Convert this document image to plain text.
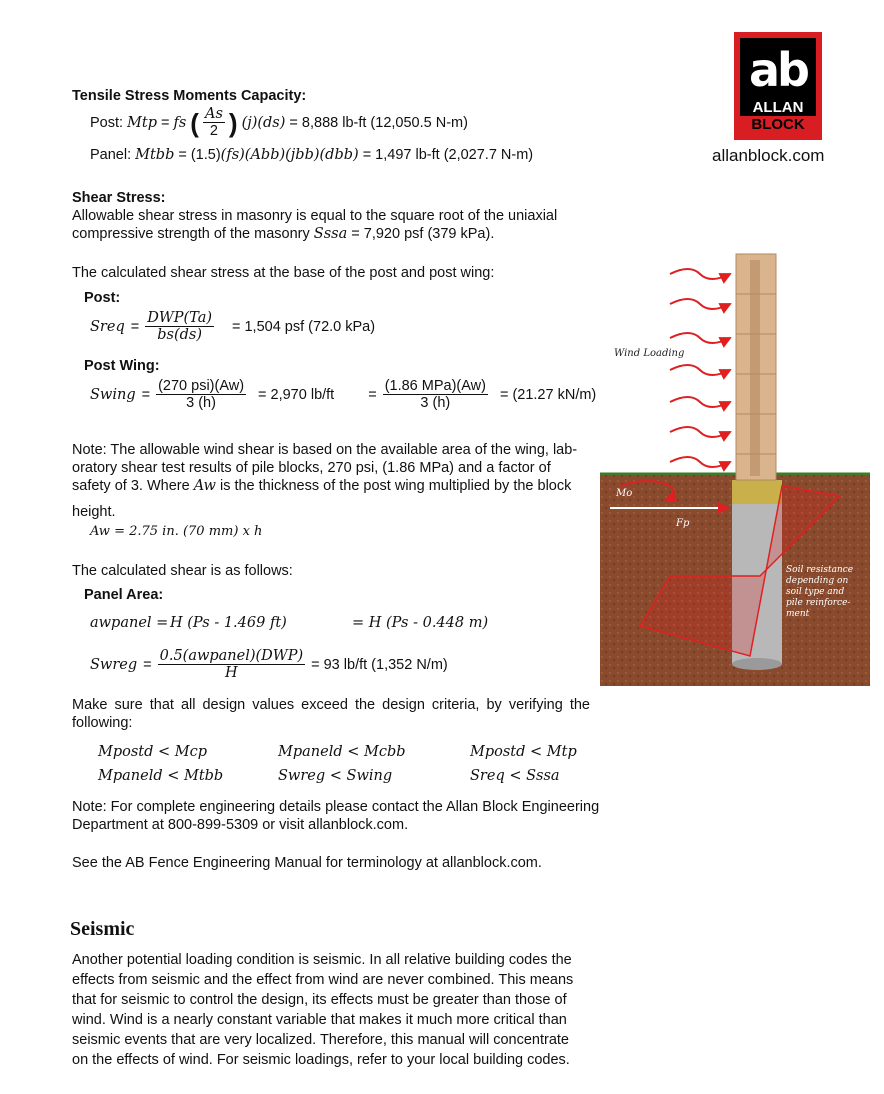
ab
ALLAN
BLOCK
allanblock.com
Tensile Stress Moments Capacity:
Post: Mtp = fs ( $\frac{As}{2}$ ) (j)(ds) = 8,888 lb-ft (12,050.5 N-m)
Panel: Mtbb = (1.5) (fs)(Abb)(jbb)(dbb) = 1,497 lb-ft (2,027.7 N-m)
Shear Stress:
Allowable shear stress in masonry is equal to the square root of the uniaxial
compressive strength of the masonry Sssa = 7,920 psf (379 kPa).
The calculated shear stress at the base of the post and post wing:
Post:
Sreq = $\frac{\text{DWP(Ta)}}{bs(ds)} = 1,504$ psf (72.0 kPa)
Post Wing:
Swing = $\frac{\text{(270 psi)(Aw)}}{3 (h)} = 2,970$ $lb/ft = \frac{\text{(1.86 MPa)(Aw)}}{3 (h)} = (21.27$ kN/m)
Note: The allowable wind shear is based on the available area of the wing, lab-
oratory shear test results of pile blocks, 270 psi, (1.86 MPa) and a factor of
safety of 3. Where Aw is the thickness of the post wing multiplied by the block
height.
Aw = 2.75 in. (70 mm) x h
The calculated shear is as follows:
Panel Area:
awpanel = H (Ps - 1.469 ft)	= H (Ps - 0.448 m)
Swreg = $\frac{\text{0.5(awpanel)(DWP)}}{H} = 93$ lb/ft (1,352 N/m)
Make sure that all design values exceed the design criteria, by verifying the
following:
Mpostd < Mcp	Mpaneld < Mcbb	Mpostd < Mtp
Mpaneld < Mtbb	Swreg < Swing	Sreq < Sssa
Note: For complete engineering details please contact the Allan Block Engineering
Department at 800-899-5309 or visit allanblock.com.
See the AB Fence Engineering Manual for terminology at allanblock.com.
Seismic
Another potential loading condition is seismic. In all relative building codes the
effects from seismic and the effect from wind are never combined. This means
that for seismic to control the design, its effects must be greater than those of
wind. Wind is a nearly constant variable that makes it much more critical than
seismic events that are very localized. Therefore, this manual will concentrate
on the effects of wind. For seismic loadings, refer to your local building codes.
Wind Loading
Mo
Fp
Soil resistance
depending on
soil type and
pile reinforce-
ment
